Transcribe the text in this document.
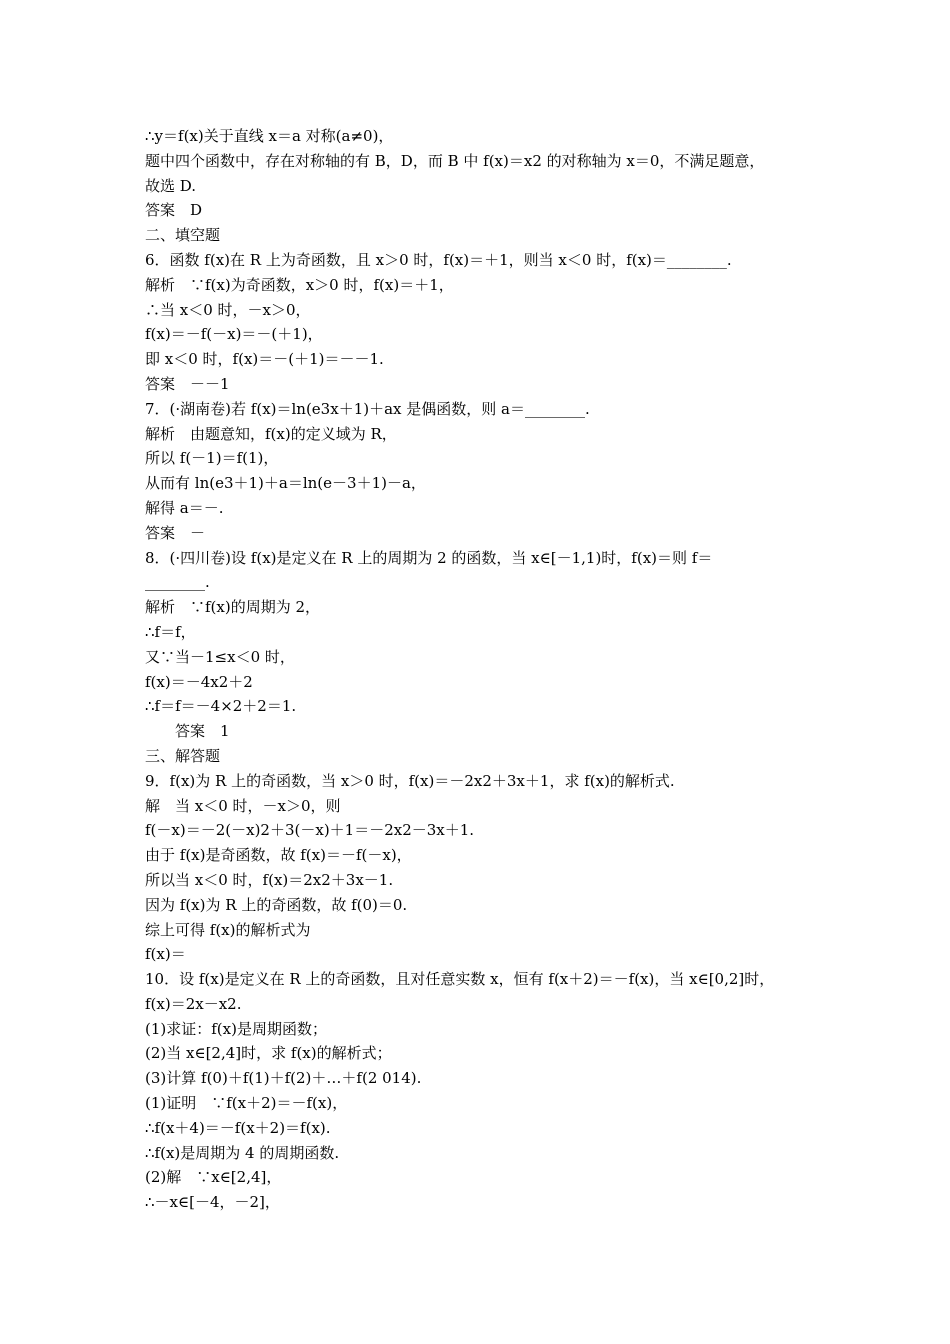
∴y＝f(x)关于直线 x＝a 对称(a≠0)，
题中四个函数中，存在对称轴的有 B，D，而 B 中 f(x)＝x2 的对称轴为 x＝0，不满足题意，
故选 D.
答案　D
二、填空题
6．函数 f(x)在 R 上为奇函数，且 x＞0 时，f(x)＝＋1，则当 x＜0 时，f(x)＝________.
解析　∵f(x)为奇函数，x＞0 时，f(x)＝＋1，
∴当 x＜0 时，－x＞0，
f(x)＝－f(－x)＝－(＋1)，
即 x＜0 时，f(x)＝－(＋1)＝－－1.
答案　－－1
7．(·湖南卷)若 f(x)＝ln(e3x＋1)＋ax 是偶函数，则 a＝________.
解析　由题意知，f(x)的定义域为 R，
所以 f(－1)＝f(1)，
从而有 ln(e3＋1)＋a＝ln(e－3＋1)－a，
解得 a＝－.
答案　－
8．(·四川卷)设 f(x)是定义在 R 上的周期为 2 的函数，当 x∈[－1,1)时，f(x)＝则 f＝
________.
解析　∵f(x)的周期为 2，
∴f＝f，
又∵当－1≤x＜0 时，
f(x)＝－4x2＋2
∴f＝f＝－4×2＋2＝1.
答案　1
三、解答题
9．f(x)为 R 上的奇函数，当 x＞0 时，f(x)＝－2x2＋3x＋1，求 f(x)的解析式.
解　当 x＜0 时，－x＞0，则
f(－x)＝－2(－x)2＋3(－x)＋1＝－2x2－3x＋1.
由于 f(x)是奇函数，故 f(x)＝－f(－x)，
所以当 x＜0 时，f(x)＝2x2＋3x－1.
因为 f(x)为 R 上的奇函数，故 f(0)＝0.
综上可得 f(x)的解析式为
f(x)＝
10．设 f(x)是定义在 R 上的奇函数，且对任意实数 x，恒有 f(x＋2)＝－f(x)，当 x∈[0,2]时，
f(x)＝2x－x2.
(1)求证：f(x)是周期函数；
(2)当 x∈[2,4]时，求 f(x)的解析式；
(3)计算 f(0)＋f(1)＋f(2)＋…＋f(2 014).
(1)证明　∵f(x＋2)＝－f(x)，
∴f(x＋4)＝－f(x＋2)＝f(x).
∴f(x)是周期为 4 的周期函数.
(2)解　∵x∈[2,4]，
∴－x∈[－4，－2]，
